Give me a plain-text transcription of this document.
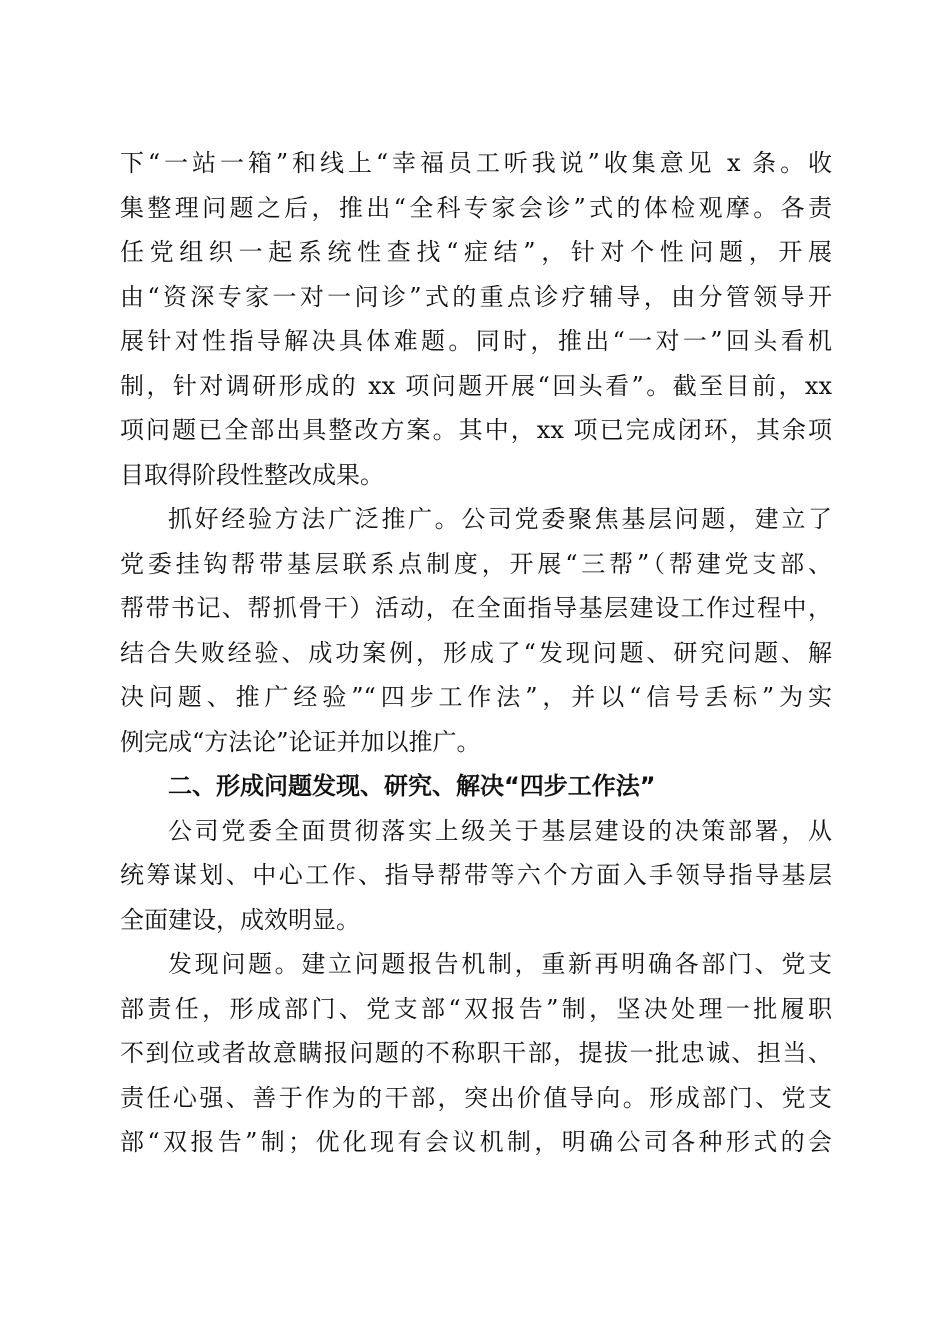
下“一站一箱”和线上“幸福员工听我说”收集意见 x 条。收
集整理问题之后，推出“全科专家会诊”式的体检观摩。各责
任党组织一起系统性查找“症结”，针对个性问题，开展
由“资深专家一对一问诊”式的重点诊疗辅导，由分管领导开
展针对性指导解决具体难题。同时，推出“一对一”回头看机
制，针对调研形成的 xx 项问题开展“回头看”。截至目前，xx
项问题已全部出具整改方案。其中，xx 项已完成闭环，其余项
目取得阶段性整改成果。
抓好经验方法广泛推广。公司党委聚焦基层问题，建立了
党委挂钩帮带基层联系点制度，开展“三帮”（帮建党支部、
帮带书记、帮抓骨干）活动，在全面指导基层建设工作过程中，
结合失败经验、成功案例，形成了“发现问题、研究问题、解
决问题、推广经验”“四步工作法”，并以“信号丢标”为实
例完成“方法论”论证并加以推广。
二、形成问题发现、研究、解决“四步工作法”
公司党委全面贯彻落实上级关于基层建设的决策部署，从
统筹谋划、中心工作、指导帮带等六个方面入手领导指导基层
全面建设，成效明显。
发现问题。建立问题报告机制，重新再明确各部门、党支
部责任，形成部门、党支部“双报告”制，坚决处理一批履职
不到位或者故意瞒报问题的不称职干部，提拔一批忠诚、担当、
责任心强、善于作为的干部，突出价值导向。形成部门、党支
部“双报告”制；优化现有会议机制，明确公司各种形式的会
